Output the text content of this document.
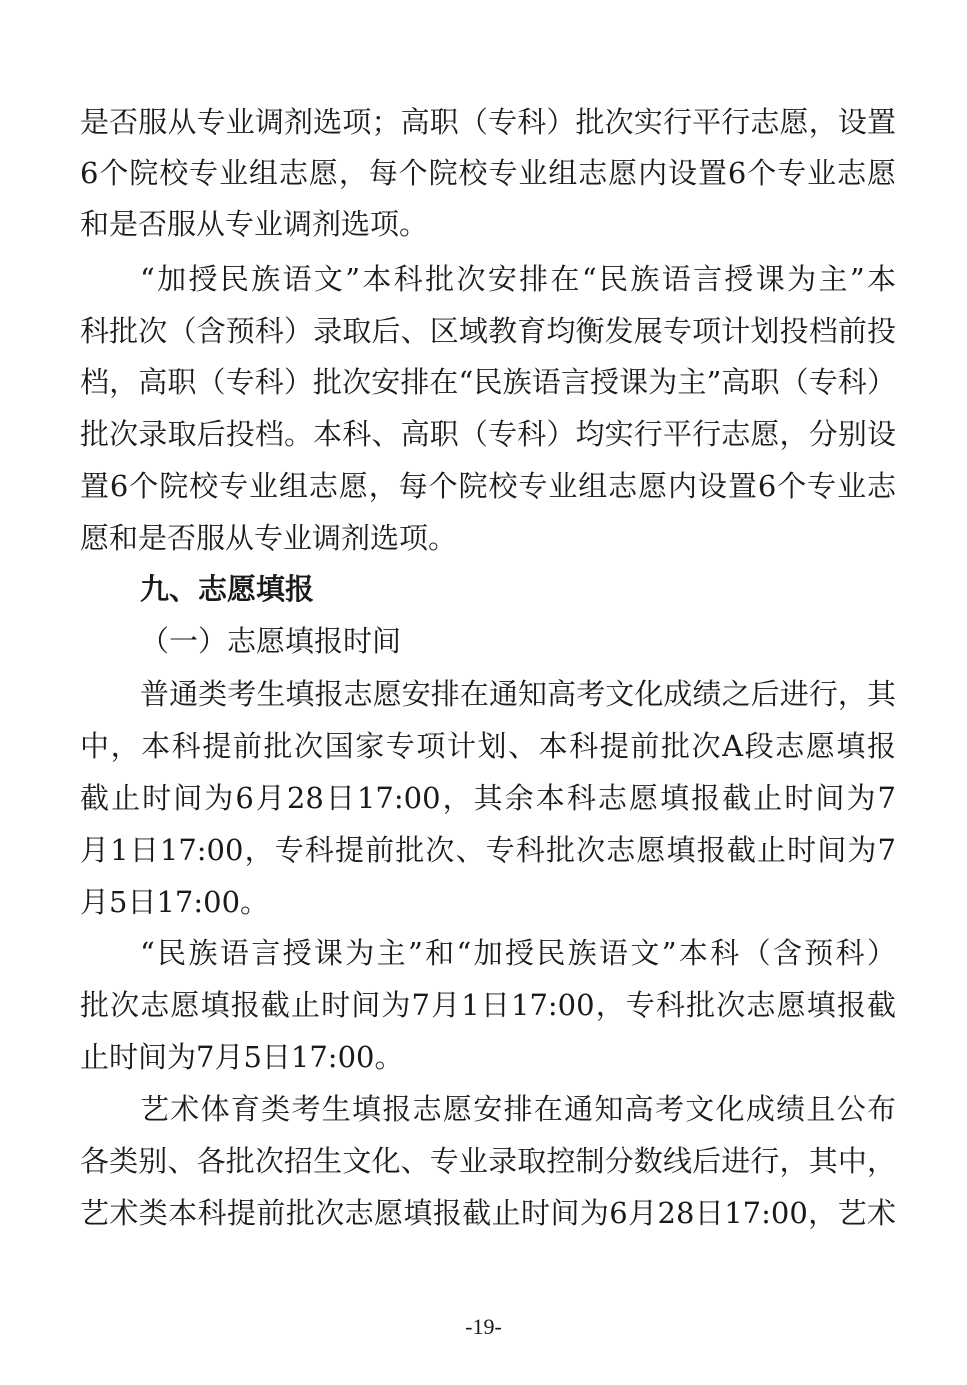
是否服从专业调剂选项；高职（专科）批次实行平行志愿，设置
6个院校专业组志愿，每个院校专业组志愿内设置6个专业志愿
和是否服从专业调剂选项。
“加授民族语文”本科批次安排在“民族语言授课为主”本
科批次（含预科）录取后、区域教育均衡发展专项计划投档前投
档，高职（专科）批次安排在“民族语言授课为主”高职（专科）
批次录取后投档。本科、高职（专科）均实行平行志愿，分别设
置6个院校专业组志愿，每个院校专业组志愿内设置6个专业志
愿和是否服从专业调剂选项。
九、志愿填报
（一）志愿填报时间
普通类考生填报志愿安排在通知高考文化成绩之后进行，其
中，本科提前批次国家专项计划、本科提前批次A段志愿填报
截止时间为6月28日17:00，其余本科志愿填报截止时间为7
月1日17:00，专科提前批次、专科批次志愿填报截止时间为7
月5日17:00。
“民族语言授课为主”和“加授民族语文”本科（含预科）
批次志愿填报截止时间为7月1日17:00，专科批次志愿填报截
止时间为7月5日17:00。
艺术体育类考生填报志愿安排在通知高考文化成绩且公布
各类别、各批次招生文化、专业录取控制分数线后进行，其中，
艺术类本科提前批次志愿填报截止时间为6月28日17:00，艺术
-19-
